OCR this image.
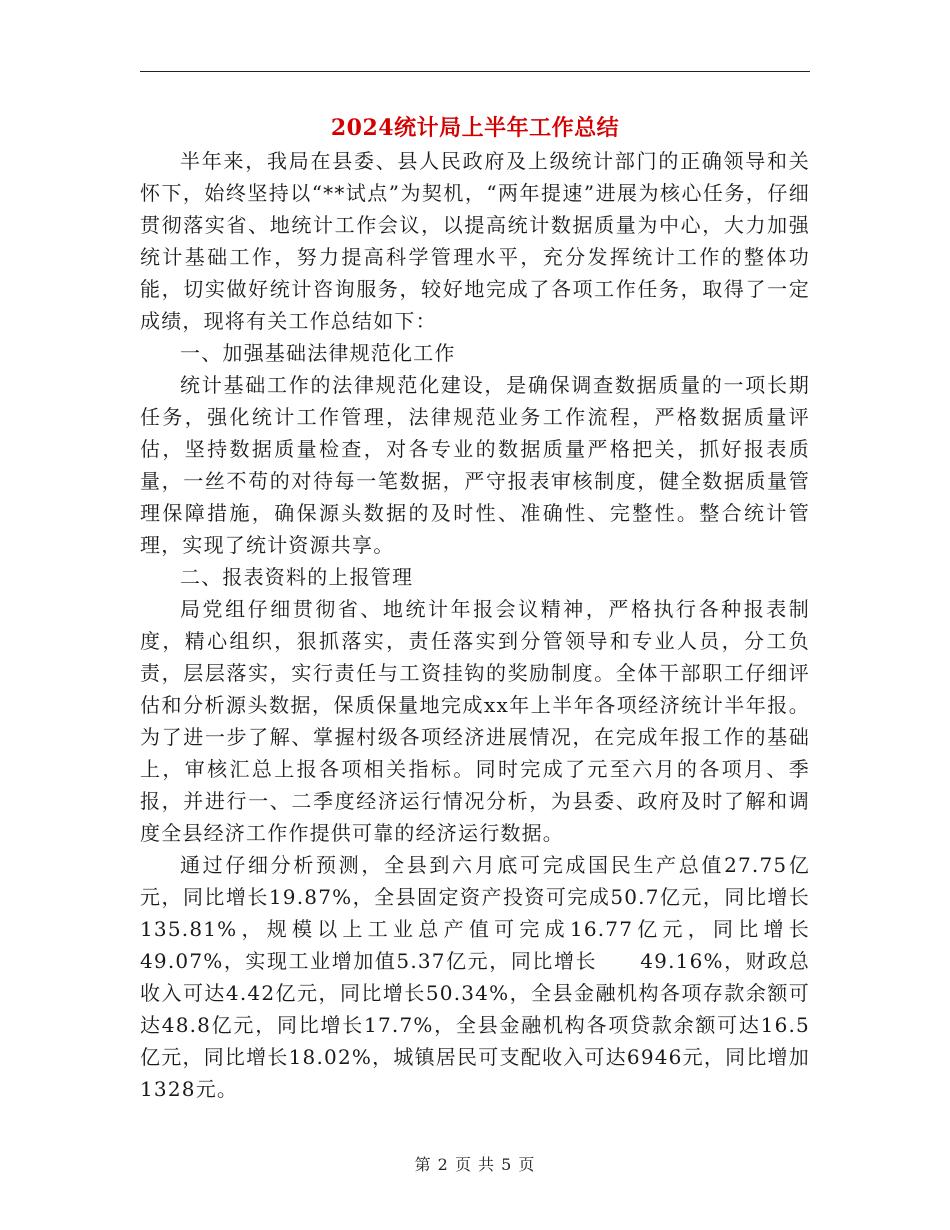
2024统计局上半年工作总结

半年来，我局在县委、县人民政府及上级统计部门的正确领导和关怀下，始终坚持以“**试点”为契机，“两年提速”进展为核心任务，仔细贯彻落实省、地统计工作会议，以提高统计数据质量为中心，大力加强统计基础工作，努力提高科学管理水平，充分发挥统计工作的整体功能，切实做好统计咨询服务，较好地完成了各项工作任务，取得了一定成绩，现将有关工作总结如下：

一、加强基础法律规范化工作

统计基础工作的法律规范化建设，是确保调查数据质量的一项长期任务，强化统计工作管理，法律规范业务工作流程，严格数据质量评估，坚持数据质量检查，对各专业的数据质量严格把关，抓好报表质量，一丝不苟的对待每一笔数据，严守报表审核制度，健全数据质量管理保障措施，确保源头数据的及时性、准确性、完整性。整合统计管理，实现了统计资源共享。

二、报表资料的上报管理

局党组仔细贯彻省、地统计年报会议精神，严格执行各种报表制度，精心组织，狠抓落实，责任落实到分管领导和专业人员，分工负责，层层落实，实行责任与工资挂钩的奖励制度。全体干部职工仔细评估和分析源头数据，保质保量地完成xx年上半年各项经济统计半年报。为了进一步了解、掌握村级各项经济进展情况，在完成年报工作的基础上，审核汇总上报各项相关指标。同时完成了元至六月的各项月、季报，并进行一、二季度经济运行情况分析，为县委、政府及时了解和调度全县经济工作作提供可靠的经济运行数据。

通过仔细分析预测，全县到六月底可完成国民生产总值27.75亿元，同比增长19.87%，全县固定资产投资可完成50.7亿元，同比增长135.81%，规模以上工业总产值可完成16.77亿元，同比增长49.07%，实现工业增加值5.37亿元，同比增长　　49.16%，财政总收入可达4.42亿元，同比增长50.34%，全县金融机构各项存款余额可达48.8亿元，同比增长17.7%，全县金融机构各项贷款余额可达16.5亿元，同比增长18.02%，城镇居民可支配收入可达6946元，同比增加1328元。

第 2 页 共 5 页
